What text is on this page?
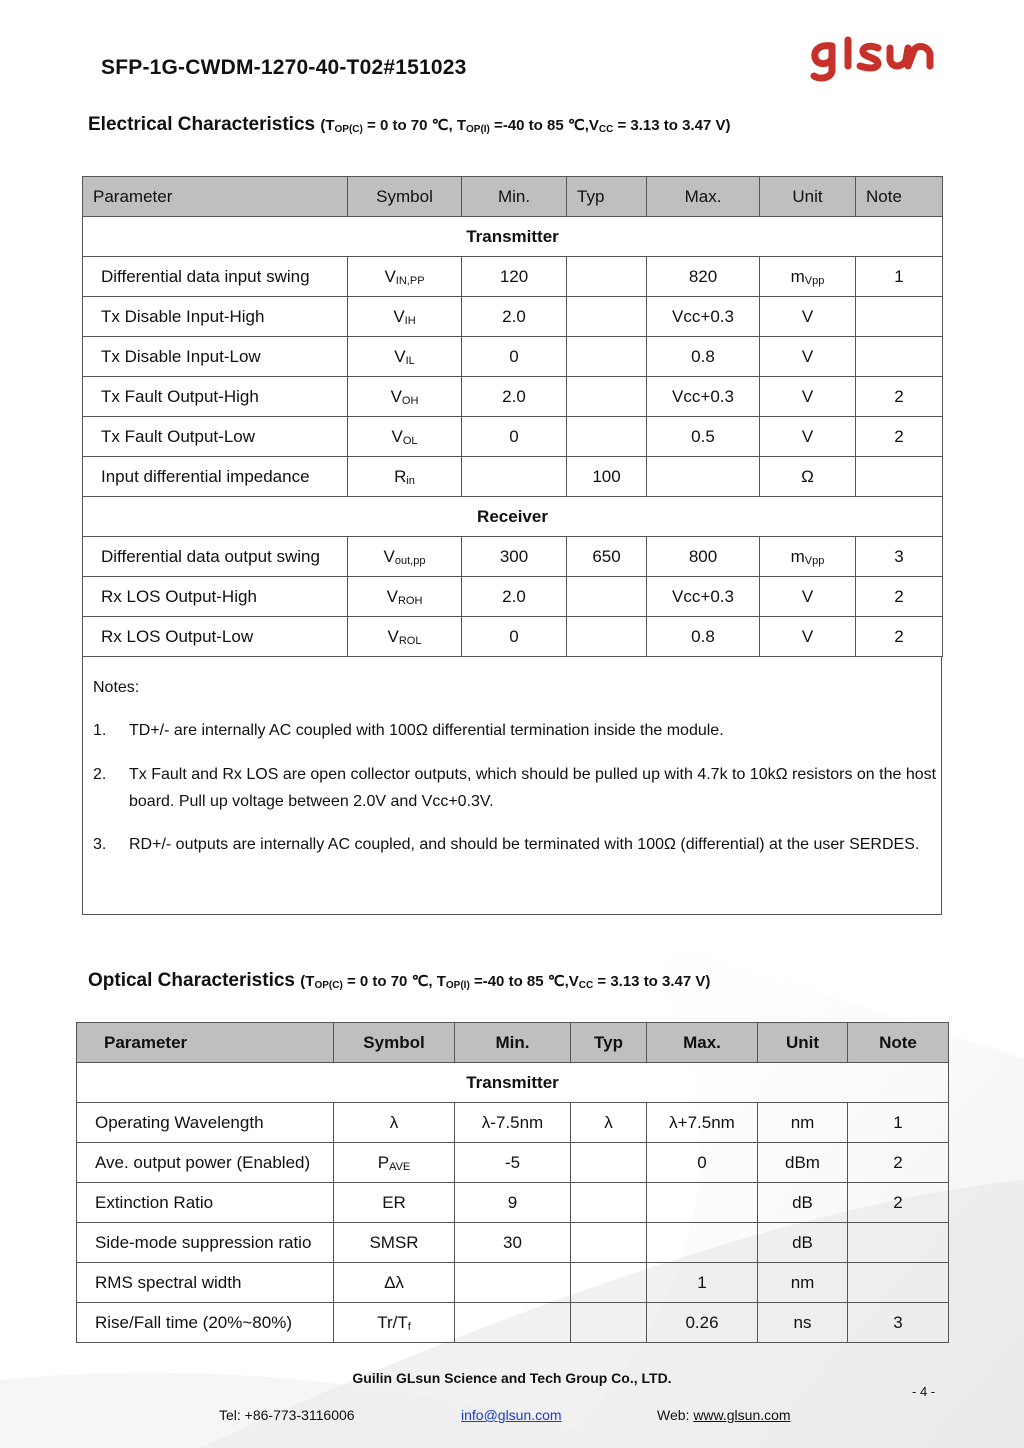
SFP-1G-CWDM-1270-40-T02#151023
Electrical Characteristics ($T_{OP(C)} = 0$ to 70 ℃, $T_{OP(I)} =-40$ to 85 $℃,V_{CC} = 3.13$ to 3.47 V)
Parameter	Symbol	Min.	Typ	Max.	Unit	Note
Transmitter						
Differential data input swing	VIN,PP	120		820	mVpp	1
Tx Disable Input-High	VIH	2.0		Vcc+0.3	V	
Tx Disable Input-Low	VIL	0		0.8	V	
Tx Fault Output-High	VOH	2.0		Vcc+0.3	V	2
Tx Fault Output-Low	VOL	0		0.5	V	2
Input differential impedance	Rin		100		Ω	
Receiver						
Differential data output swing	Vout,pp	300	650	800	mVpp	3
Rx LOS Output-High	VROH	2.0		Vcc+0.3	V	2
Rx LOS Output-Low	VROL	0		0.8	V	2
Notes:
1. TD+/- are internally AC coupled with 100Ω differential termination inside the module.
2. Tx Fault and Rx LOS are open collector outputs, which should be pulled up with 4.7k to 10kΩ resistors on the host board. Pull up voltage between 2.0V and Vcc+0.3V.
3. RD+/- outputs are internally AC coupled, and should be terminated with 100Ω (differential) at the user SERDES.
Optical Characteristics ($T_{OP(C)} = 0$ to 70 ℃, $T_{OP(I)} =-40$ to 85 $℃,V_{CC} = 3.13$ to 3.47 V)
Parameter	Symbol	Min.	Typ	Max.	Unit	Note
Transmitter						
Operating Wavelength	λ	λ-7.5nm	λ	λ+7.5nm	nm	1
Ave. output power (Enabled)	PAVE	-5		0	dBm	2
Extinction Ratio	ER	9			dB	2
Side-mode suppression ratio	SMSR	30			dB	
RMS spectral width	Δλ			1	nm	
Rise/Fall time (20%~80%)	Tr/Tf			0.26	ns	3
Guilin GLsun Science and Tech Group Co., LTD.
- 4 -
Tel: +86-773-3116006	info@glsun.com	Web: www.glsun.com
